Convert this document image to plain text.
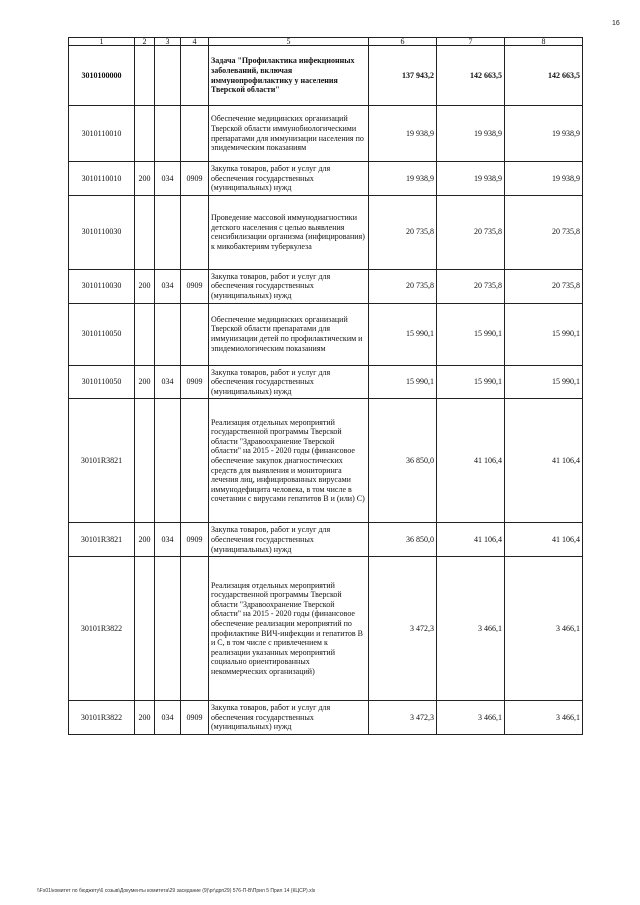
16
1	2	3	4	5	6	7	8
3010100000				Задача "Профилактика инфекционных заболеваний, включая иммунопрофилактику у населения Тверской области"	137 943,2	142 663,5	142 663,5
3010110010				Обеспечение медицинских организаций Тверской области иммунобиологическими препаратами для иммунизации населения по эпидемическим показаниям	19 938,9	19 938,9	19 938,9
3010110010	200	034	0909	Закупка товаров, работ и услуг для обеспечения государственных (муниципальных) нужд	19 938,9	19 938,9	19 938,9
3010110030				Проведение массовой иммунодиагностики детского населения с целью выявления сенсибилизации организма (инфицирования) к микобактериям туберкулеза	20 735,8	20 735,8	20 735,8
3010110030	200	034	0909	Закупка товаров, работ и услуг для обеспечения государственных (муниципальных) нужд	20 735,8	20 735,8	20 735,8
3010110050				Обеспечение медицинских организаций Тверской области препаратами для иммунизации детей по профилактическим и эпидемиологическим показаниям	15 990,1	15 990,1	15 990,1
3010110050	200	034	0909	Закупка товаров, работ и услуг для обеспечения государственных (муниципальных) нужд	15 990,1	15 990,1	15 990,1
30101R3821				Реализация отдельных мероприятий государственной программы Тверской области "Здравоохранение Тверской области" на 2015 - 2020 годы (финансовое обеспечение закупок диагностических средств для выявления и мониторинга лечения лиц, инфицированных вирусами иммунодефицита человека, в том числе в сочетании с вирусами гепатитов В и (или) С)	36 850,0	41 106,4	41 106,4
30101R3821	200	034	0909	Закупка товаров, работ и услуг для обеспечения государственных (муниципальных) нужд	36 850,0	41 106,4	41 106,4
30101R3822				Реализация отдельных мероприятий государственной программы Тверской области "Здравоохранение Тверской области" на 2015 - 2020 годы (финансовое обеспечение реализации мероприятий по профилактике ВИЧ-инфекции и гепатитов В и С, в том числе с привлечением к реализации указанных мероприятий социально ориентированных некоммерческих организаций)	3 472,3	3 466,1	3 466,1
30101R3822	200	034	0909	Закупка товаров, работ и услуг для обеспечения государственных (муниципальных) нужд	3 472,3	3 466,1	3 466,1
\\Fs01\комитет по бюджету\6 созыв\Документы комитета\29 заседание (9)\рг\дрп29) 576-П-В\Прил 5 Прил 14 (КЦСР).xls
